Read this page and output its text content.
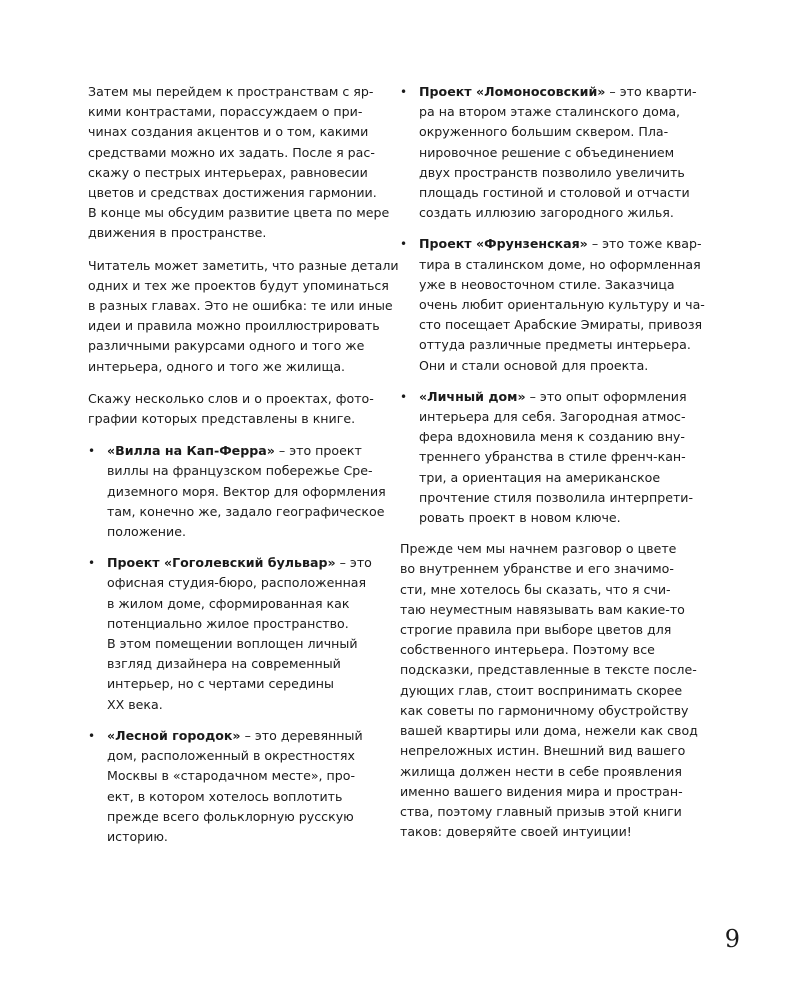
Затем мы перейдем к пространствам с яр-
кими контрастами, порассуждаем о при-
чинах создания акцентов и о том, какими
средствами можно их задать. После я рас-
скажу о пестрых интерьерах, равновесии
цветов и средствах достижения гармонии.
В конце мы обсудим развитие цвета по мере
движения в пространстве.
Читатель может заметить, что разные детали
одних и тех же проектов будут упоминаться
в разных главах. Это не ошибка: те или иные
идеи и правила можно проиллюстрировать
различными ракурсами одного и того же
интерьера, одного и того же жилища.
Скажу несколько слов и о проектах, фото-
графии которых представлены в книге.
• «Вилла на Кап-Ферра» – это проект
виллы на французском побережье Сре-
диземного моря. Вектор для оформления
там, конечно же, задало географическое
положение.
• Проект «Гоголевский бульвар» – это
офисная студия-бюро, расположенная
в жилом доме, сформированная как
потенциально жилое пространство.
В этом помещении воплощен личный
взгляд дизайнера на современный
интерьер, но с чертами середины
XX века.
• «Лесной городок» – это деревянный
дом, расположенный в окрестностях
Москвы в «стародачном месте», про-
ект, в котором хотелось воплотить
прежде всего фольклорную русскую
историю.
• Проект «Ломоносовский» – это кварти-
ра на втором этаже сталинского дома,
окруженного большим сквером. Пла-
нировочное решение с объединением
двух пространств позволило увеличить
площадь гостиной и столовой и отчасти
создать иллюзию загородного жилья.
• Проект «Фрунзенская» – это тоже квар-
тира в сталинском доме, но оформленная
уже в неовосточном стиле. Заказчица
очень любит ориентальную культуру и ча-
сто посещает Арабские Эмираты, привозя
оттуда различные предметы интерьера.
Они и стали основой для проекта.
• «Личный дом» – это опыт оформления
интерьера для себя. Загородная атмос-
фера вдохновила меня к созданию вну-
треннего убранства в стиле френч-кан-
три, а ориентация на американское
прочтение стиля позволила интерпрети-
ровать проект в новом ключе.
Прежде чем мы начнем разговор о цвете
во внутреннем убранстве и его значимо-
сти, мне хотелось бы сказать, что я счи-
таю неуместным навязывать вам какие-то
строгие правила при выборе цветов для
собственного интерьера. Поэтому все
подсказки, представленные в тексте после-
дующих глав, стоит воспринимать скорее
как советы по гармоничному обустройству
вашей квартиры или дома, нежели как свод
непреложных истин. Внешний вид вашего
жилища должен нести в себе проявления
именно вашего видения мира и простран-
ства, поэтому главный призыв этой книги
таков: доверяйте своей интуиции!
9
